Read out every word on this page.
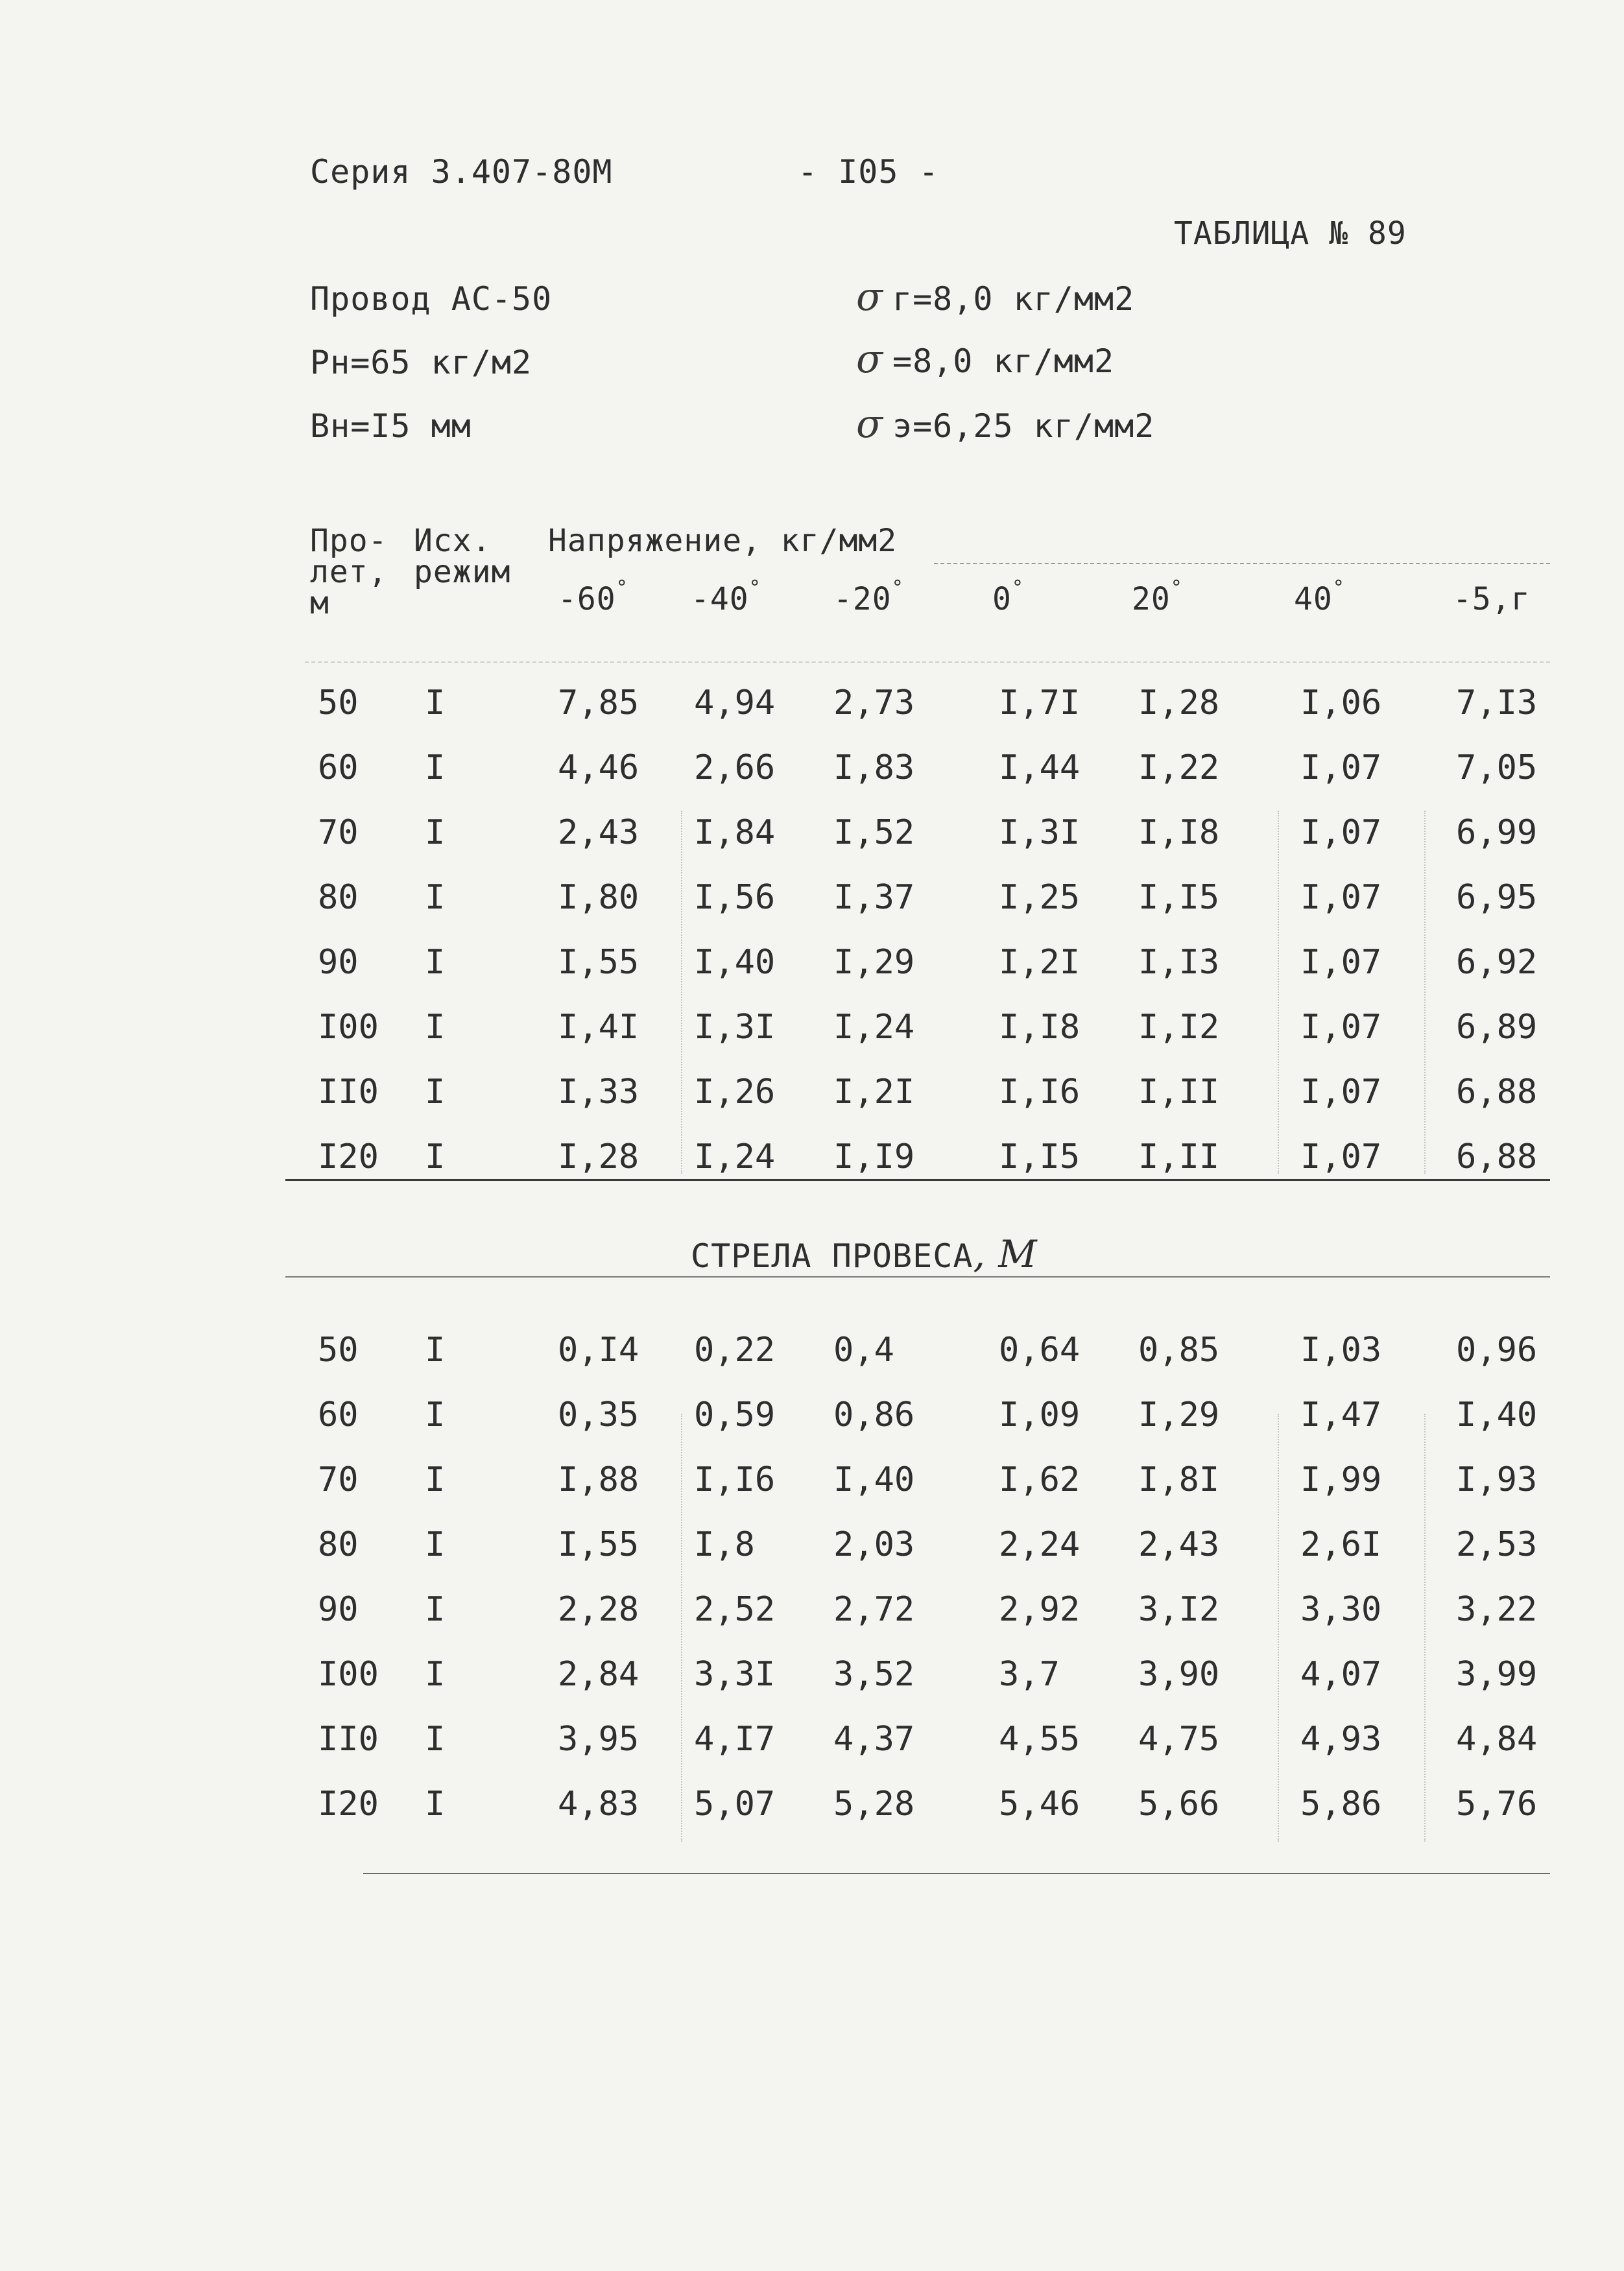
Серия 3.407-80М	- I05 -
ТАБЛИЦА № 89
Провод АС-50
Рн=65 кг/м2
Вн=I5 мм
σ г=8,0 кг/мм2
σ =8,0 кг/мм2
σ э=6,25 кг/мм2
Про-
лет,
м
Исх.
режим
Напряжение, кг/мм2
-60° -40° -20°	0°	20°	40°	-5,г
50 I	7,85 4,94 2,73 I,7I I,28 I,06 7,I3
60 I	4,46 2,66 I,83 I,44 I,22 I,07 7,05
70 I	2,43 I,84 I,52 I,3I I,I8 I,07 6,99
80 I	I,80 I,56 I,37 I,25 I,I5 I,07 6,95
90 I	I,55 I,40 I,29 I,2I I,I3 I,07 6,92
I00 I	I,4I I,3I I,24 I,I8 I,I2 I,07 6,89
II0 I	I,33 I,26 I,2I I,I6 I,II I,07 6,88
I20 I	I,28 I,24 I,I9 I,I5 I,II I,07 6,88
СТРЕЛА ПРОВЕСА, М
50 I	0,I4 0,22 0,4	0,64 0,85 I,03 0,96
60 I	0,35 0,59 0,86 I,09 I,29 I,47 I,40
70 I	I,88 I,I6 I,40 I,62 I,8I I,99 I,93
80 I	I,55 I,8 2,03 2,24 2,43 2,6I 2,53
90 I	2,28 2,52 2,72 2,92 3,I2 3,30 3,22
I00 I	2,84 3,3I 3,52 3,7 3,90 4,07 3,99
II0 I	3,95 4,I7 4,37 4,55 4,75 4,93 4,84
I20 I	4,83 5,07 5,28 5,46 5,66 5,86 5,76
